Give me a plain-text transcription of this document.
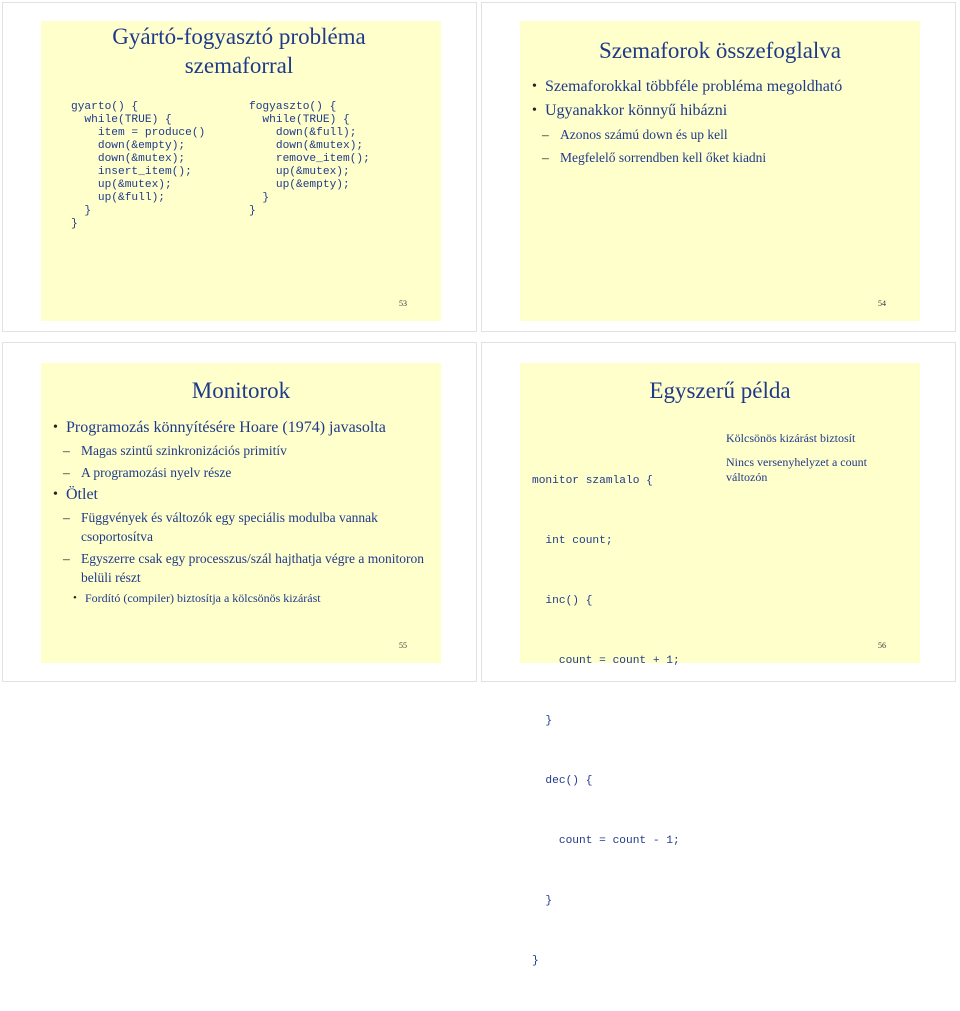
Gyártó-fogyasztó probléma szemaforral
gyarto() {
while(TRUE) {
item = produce()
down(&empty);
down(&mutex);
insert_item();
up(&mutex);
up(&full);
}
}
fogyaszto() {
while(TRUE) {
down(&full);
down(&mutex);
remove_item();
up(&mutex);
up(&empty);
}
}
53
Szemaforok összefoglalva
• Szemaforokkal többféle probléma megoldható
• Ugyanakkor könnyű hibázni
– Azonos számú down és up kell
– Megfelelő sorrendben kell őket kiadni
54
Monitorok
• Programozás könnyítésére Hoare (1974) javasolta
– Magas szintű szinkronizációs primitív
– A programozási nyelv része
• Ötlet
– Függvények és változók egy speciális modulba vannak csoportosítva
– Egyszerre csak egy processzus/szál hajthatja végre a monitoron belüli részt
• Fordító (compiler) biztosítja a kölcsönös kizárást
55
Egyszerű példa

monitor szamlalo {

int count;

inc() {

count = count + 1;

}

dec() {

count = count - 1;

}

}

Kölcsönös kizárást biztosít
Nincs versenyhelyzet a count változón
56
